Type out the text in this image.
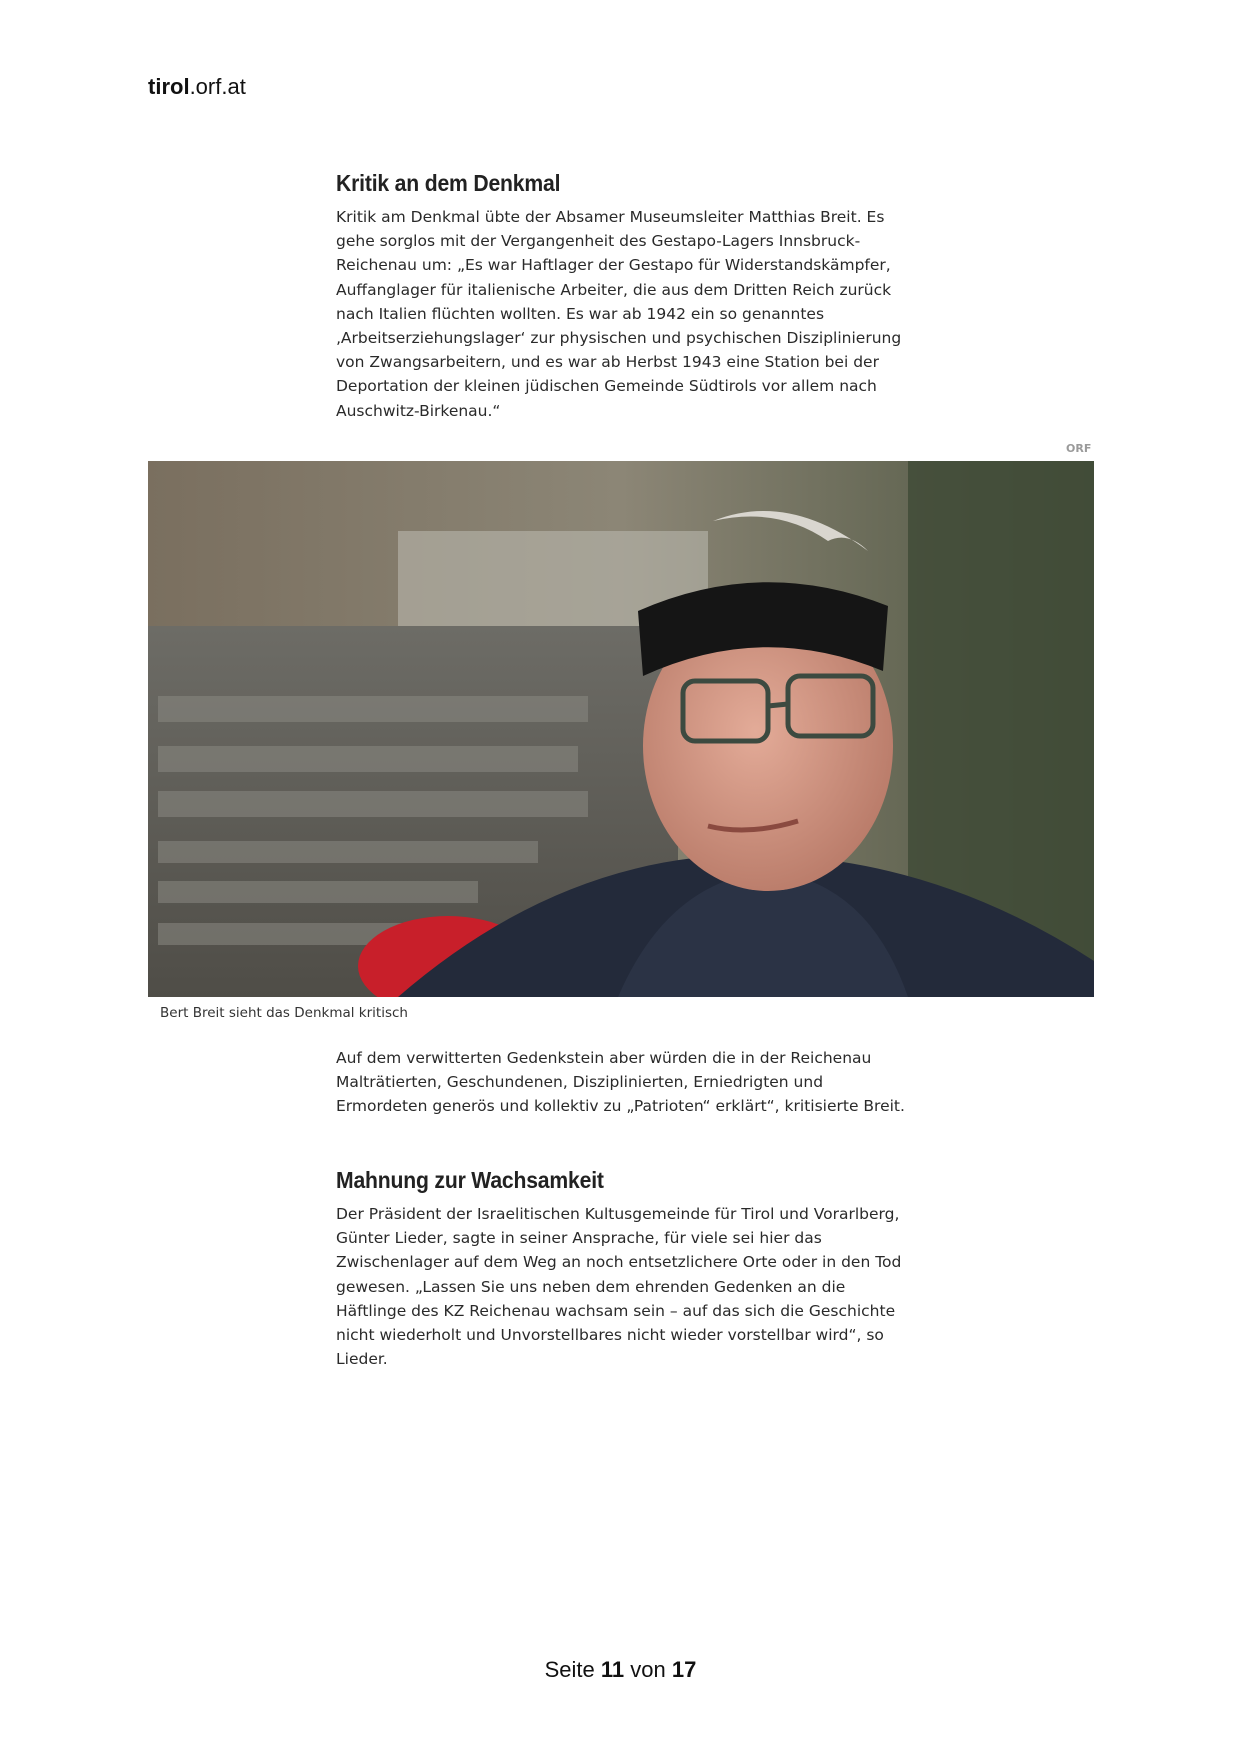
tirol.orf.at
Kritik an dem Denkmal

Kritik am Denkmal übte der Absamer Museumsleiter Matthias Breit. Es gehe sorglos mit der Vergangenheit des Gestapo-Lagers Innsbruck-Reichenau um: „Es war Haftlager der Gestapo für Widerstandskämpfer, Auffanglager für italienische Arbeiter, die aus dem Dritten Reich zurück nach Italien flüchten wollten. Es war ab 1942 ein so genanntes ‚Arbeitserziehungslager‘ zur physischen und psychischen Disziplinierung von Zwangsarbeitern, und es war ab Herbst 1943 eine Station bei der Deportation der kleinen jüdischen Gemeinde Südtirols vor allem nach Auschwitz-Birkenau.“

ORF
Bert Breit sieht das Denkmal kritisch

Auf dem verwitterten Gedenkstein aber würden die in der Reichenau Malträtierten, Geschundenen, Disziplinierten, Erniedrigten und Ermordeten generös und kollektiv zu „Patrioten“ erklärt“, kritisierte Breit.

Mahnung zur Wachsamkeit

Der Präsident der Israelitischen Kultusgemeinde für Tirol und Vorarlberg, Günter Lieder, sagte in seiner Ansprache, für viele sei hier das Zwischenlager auf dem Weg an noch entsetzlichere Orte oder in den Tod gewesen. „Lassen Sie uns neben dem ehrenden Gedenken an die Häftlinge des KZ Reichenau wachsam sein – auf das sich die Geschichte nicht wiederholt und Unvorstellbares nicht wieder vorstellbar wird“, so Lieder.

Seite 11 von 17
